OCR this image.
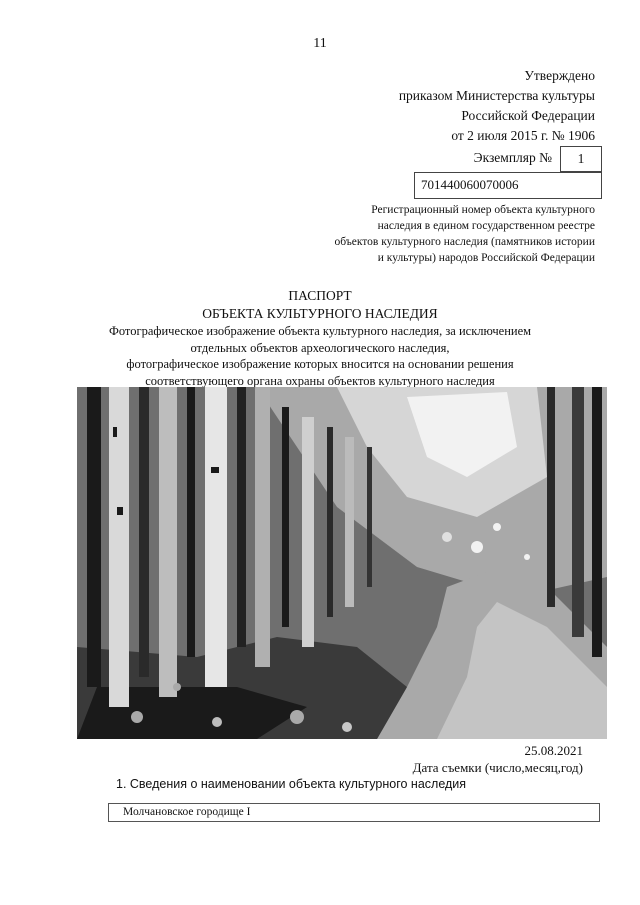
11
Утверждено
приказом Министерства культуры
Российской Федерации
от 2 июля 2015 г. № 1906
Экземпляр №	1
701440060070006
Регистрационный номер объекта культурного
наследия в едином государственном реестре
объектов культурного наследия (памятников истории
и культуры) народов Российской Федерации
ПАСПОРТ
ОБЪЕКТА КУЛЬТУРНОГО НАСЛЕДИЯ
Фотографическое изображение объекта культурного наследия, за исключением
отдельных объектов археологического наследия,
фотографическое изображение которых вносится на основании решения
соответствующего органа охраны объектов культурного наследия
25.08.2021
Дата съемки (число,месяц,год)
1. Сведения о наименовании объекта культурного наследия
Молчановское городище I
